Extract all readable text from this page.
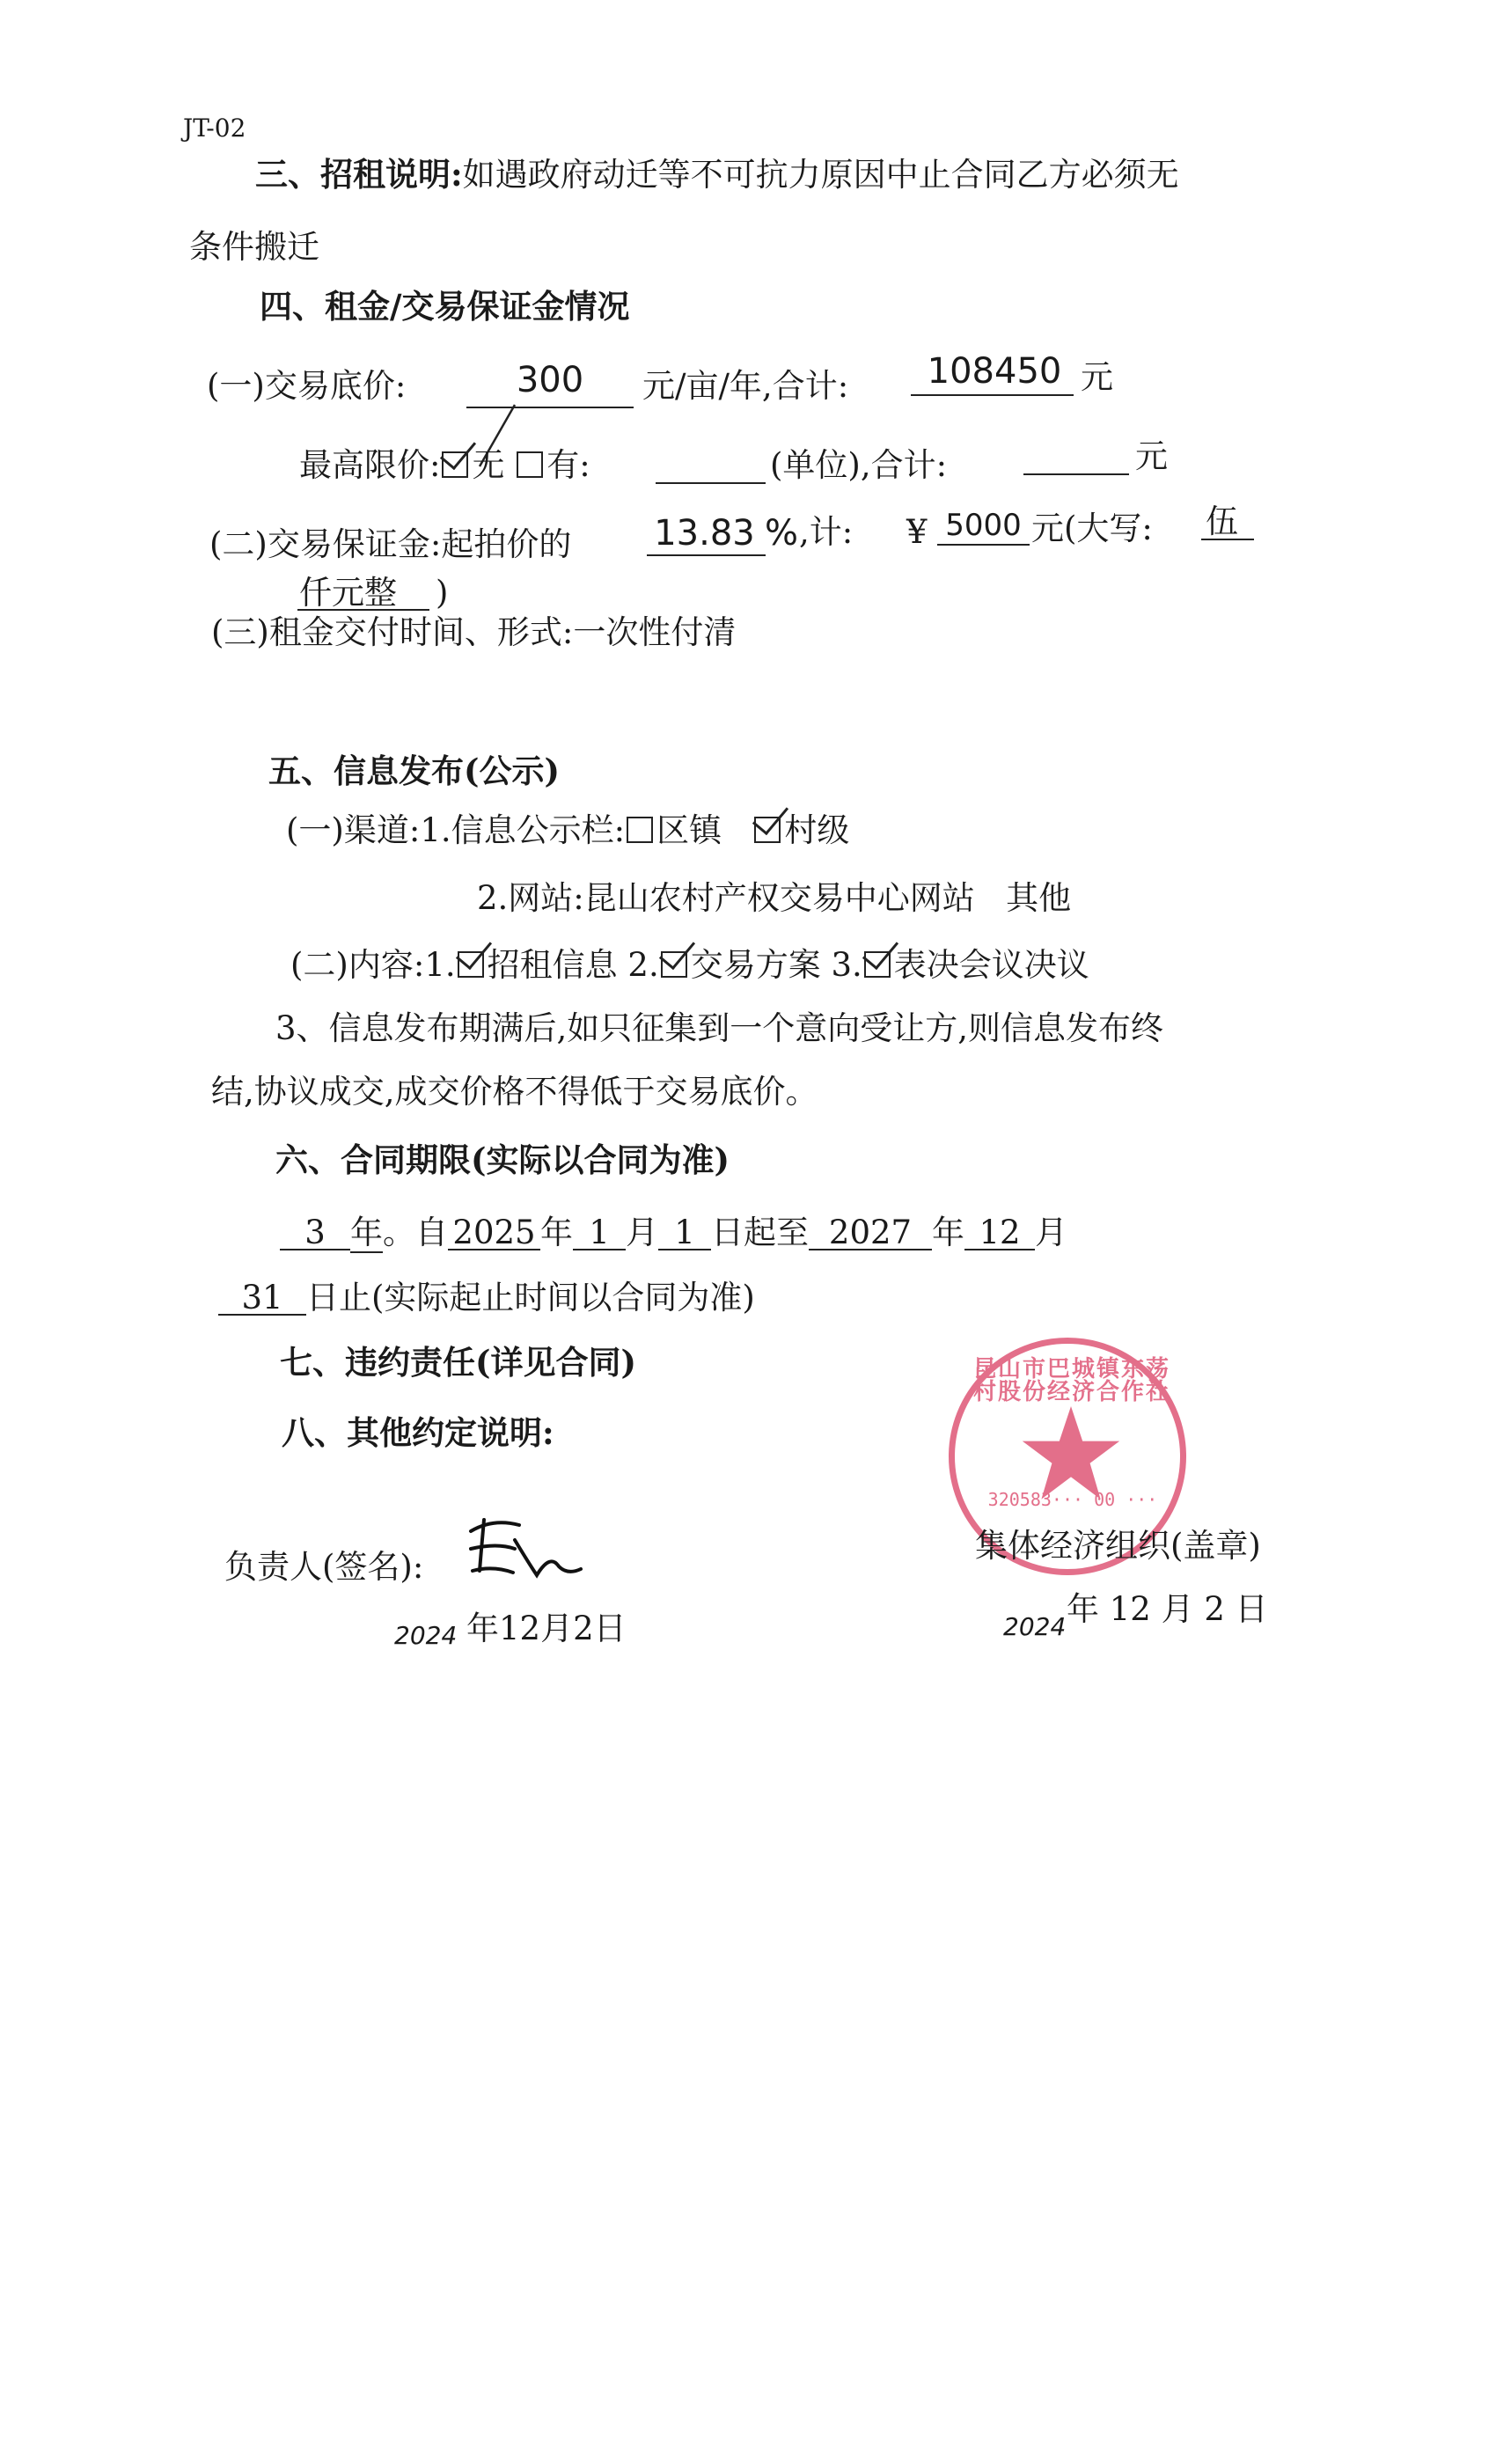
JT-02
三、招租说明:如遇政府动迁等不可抗力原因中止合同乙方必须无
条件搬迁
四、租金/交易保证金情况
(一)交易底价:	300	元/亩/年,合计:	108450 元
最高限价: 无 有:	(单位),合计:	元
(二)交易保证金:起拍价的 13.83 % ,计: ¥ 5000 元(大写: 伍
仟元整 )
(三)租金交付时间、形式:一次性付清
五、信息发布(公示)
(一)渠道:1.信息公示栏: 区镇 村级
2.网站:昆山农村产权交易中心网站 其他
(二)内容:1. 招租信息 2. 交易方案 3. 表决会议决议
3、信息发布期满后,如只征集到一个意向受让方,则信息发布终
结,协议成交,成交价格不得低于交易底价。
六、合同期限(实际以合同为准)
3 年。自 2025 年 1 月 1 日起至 2027 年 12 月
31 日止(实际起止时间以合同为准)
七、违约责任(详见合同)
八、其他约定说明:
昆山市巴城镇东荡村股份经济合作社
320583··· 00 ···
负责人(签名):
集体经济组织(盖章)
2024 年12月2日	2024 年 12 月 2 日
